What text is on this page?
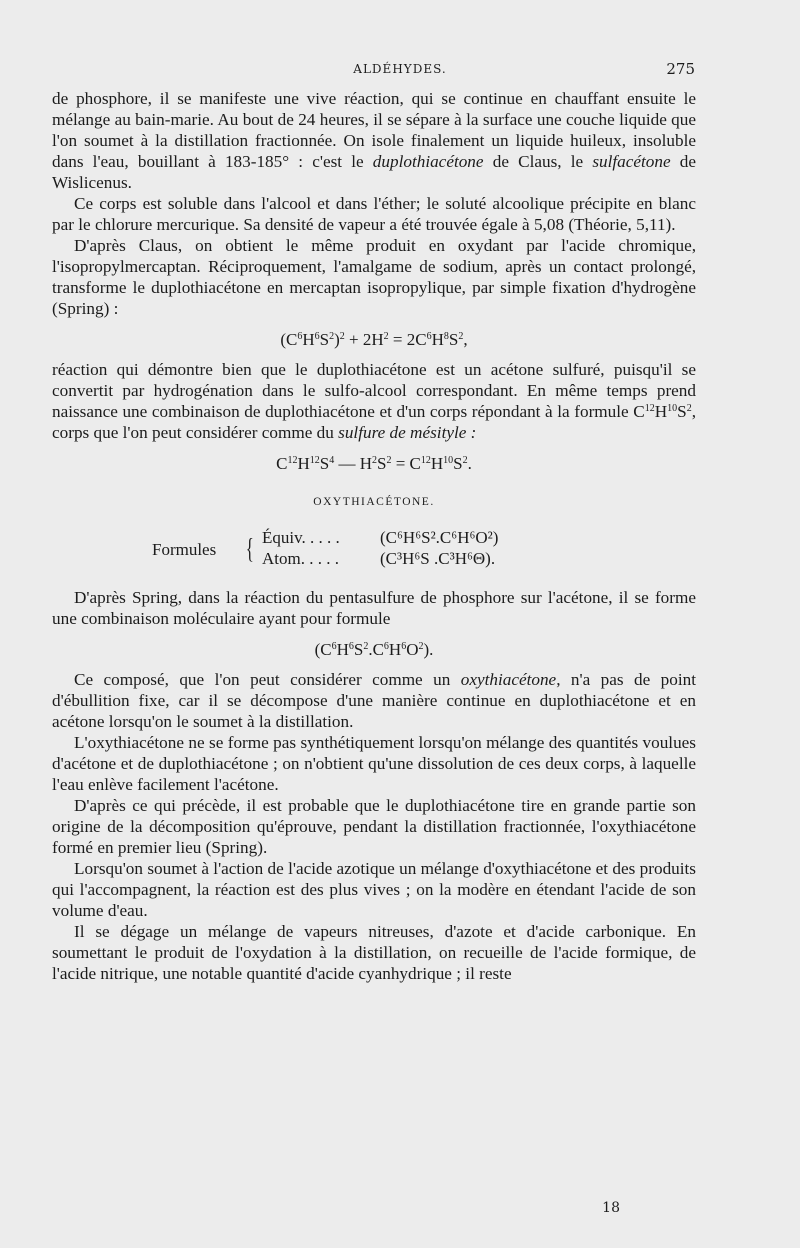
ALDÉHYDES.	275

de phosphore, il se manifeste une vive réaction, qui se continue en chauffant ensuite le mélange au bain-marie. Au bout de 24 heures, il se sépare à la surface une couche liquide que l'on soumet à la distillation fractionnée. On isole finalement un liquide huileux, insoluble dans l'eau, bouillant à 183-185° : c'est le duplothiacétone de Claus, le sulfacétone de Wislicenus.

Ce corps est soluble dans l'alcool et dans l'éther; le soluté alcoolique précipite en blanc par le chlorure mercurique. Sa densité de vapeur a été trouvée égale à 5,08 (Théorie, 5,11).

D'après Claus, on obtient le même produit en oxydant par l'acide chromique, l'isopropylmercaptan. Réciproquement, l'amalgame de sodium, après un contact prolongé, transforme le duplothiacétone en mercaptan isopropylique, par simple fixation d'hydrogène (Spring) :

$(C^6H^6S^2)^2 + 2H^2 = 2C^6H^8S^2$,

réaction qui démontre bien que le duplothiacétone est un acétone sulfuré, puisqu'il se convertit par hydrogénation dans le sulfo-alcool correspondant. En même temps prend naissance une combinaison de duplothiacétone et d'un corps répondant à la formule $C^{12}H^{10}S^2$, corps que l'on peut considérer comme du sulfure de mésityle :

$C^{12}H^{12}S^4$ — $H^2S^2 = C^{12}H^{10}S^2$.
OXYTHIACÉTONE.
Formules { Équiv. . . . . (C⁶H⁶S².C⁶H⁶O²)
Atom. . . . . (C³H⁶S .C³H⁶Θ).

D'après Spring, dans la réaction du pentasulfure de phosphore sur l'acétone, il se forme une combinaison moléculaire ayant pour formule

$(C^6H^6S^2.C^6H^6O^2)$.

Ce composé, que l'on peut considérer comme un oxythiacétone, n'a pas de point d'ébullition fixe, car il se décompose d'une manière continue en duplothiacétone et en acétone lorsqu'on le soumet à la distillation.

L'oxythiacétone ne se forme pas synthétiquement lorsqu'on mélange des quantités voulues d'acétone et de duplothiacétone ; on n'obtient qu'une dissolution de ces deux corps, à laquelle l'eau enlève facilement l'acétone.

D'après ce qui précède, il est probable que le duplothiacétone tire en grande partie son origine de la décomposition qu'éprouve, pendant la distillation fractionnée, l'oxythiacétone formé en premier lieu (Spring).

Lorsqu'on soumet à l'action de l'acide azotique un mélange d'oxythiacétone et des produits qui l'accompagnent, la réaction est des plus vives ; on la modère en étendant l'acide de son volume d'eau.

Il se dégage un mélange de vapeurs nitreuses, d'azote et d'acide carbonique. En soumettant le produit de l'oxydation à la distillation, on recueille de l'acide formique, de l'acide nitrique, une notable quantité d'acide cyanhydrique ; il reste

18
